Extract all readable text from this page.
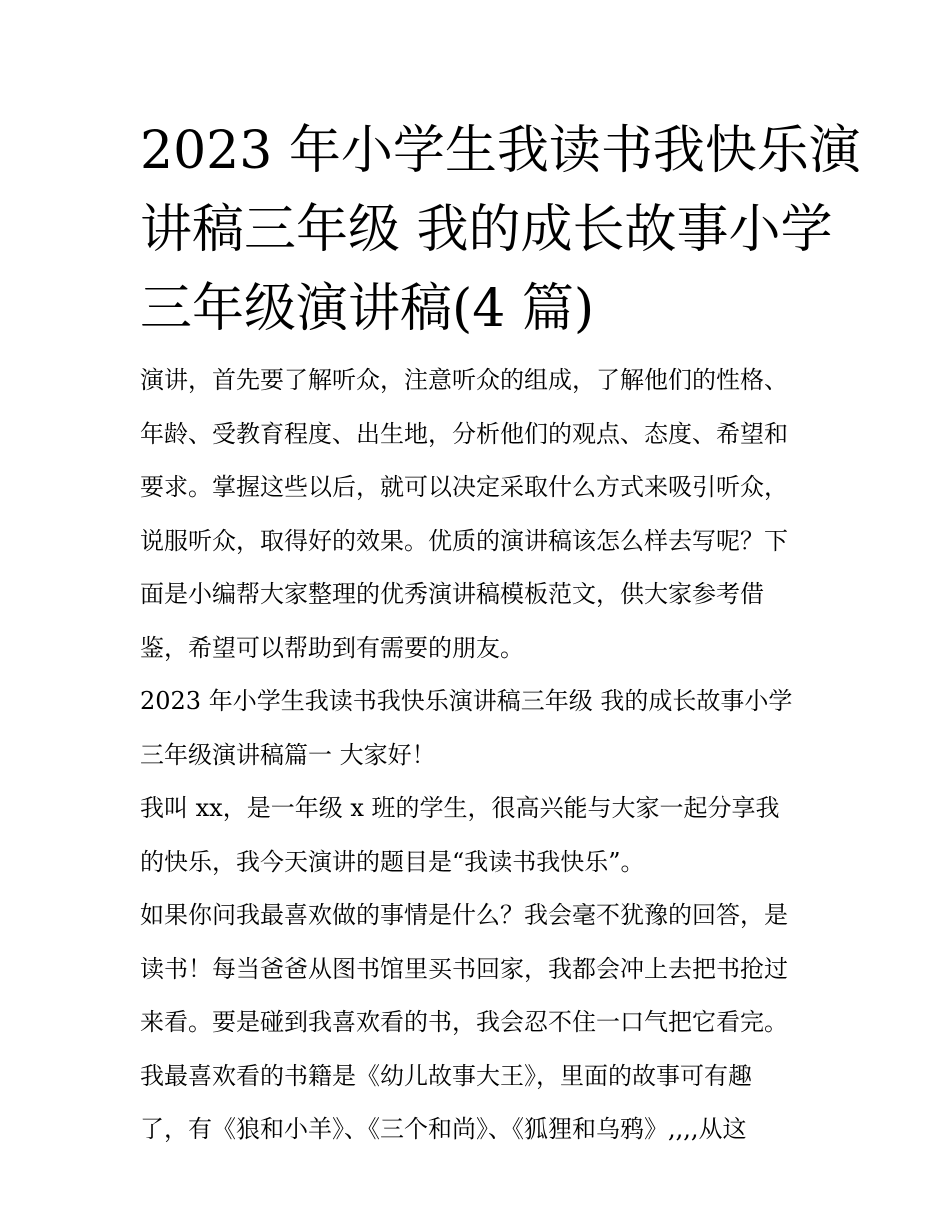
2023 年小学生我读书我快乐演
讲稿三年级 我的成长故事小学
三年级演讲稿(4 篇)
演讲，首先要了解听众，注意听众的组成，了解他们的性格、
年龄、受教育程度、出生地，分析他们的观点、态度、希望和
要求。掌握这些以后，就可以决定采取什么方式来吸引听众，
说服听众，取得好的效果。优质的演讲稿该怎么样去写呢？下
面是小编帮大家整理的优秀演讲稿模板范文，供大家参考借
鉴，希望可以帮助到有需要的朋友。
2023 年小学生我读书我快乐演讲稿三年级 我的成长故事小学
三年级演讲稿篇一 大家好！
我叫 xx，是一年级 x 班的学生，很高兴能与大家一起分享我
的快乐，我今天演讲的题目是“我读书我快乐”。
如果你问我最喜欢做的事情是什么？我会毫不犹豫的回答，是
读书！每当爸爸从图书馆里买书回家，我都会冲上去把书抢过
来看。要是碰到我喜欢看的书，我会忍不住一口气把它看完。
我最喜欢看的书籍是《幼儿故事大王》，里面的故事可有趣
了，有《狼和小羊》、《三个和尚》、《狐狸和乌鸦》,,,,从这
